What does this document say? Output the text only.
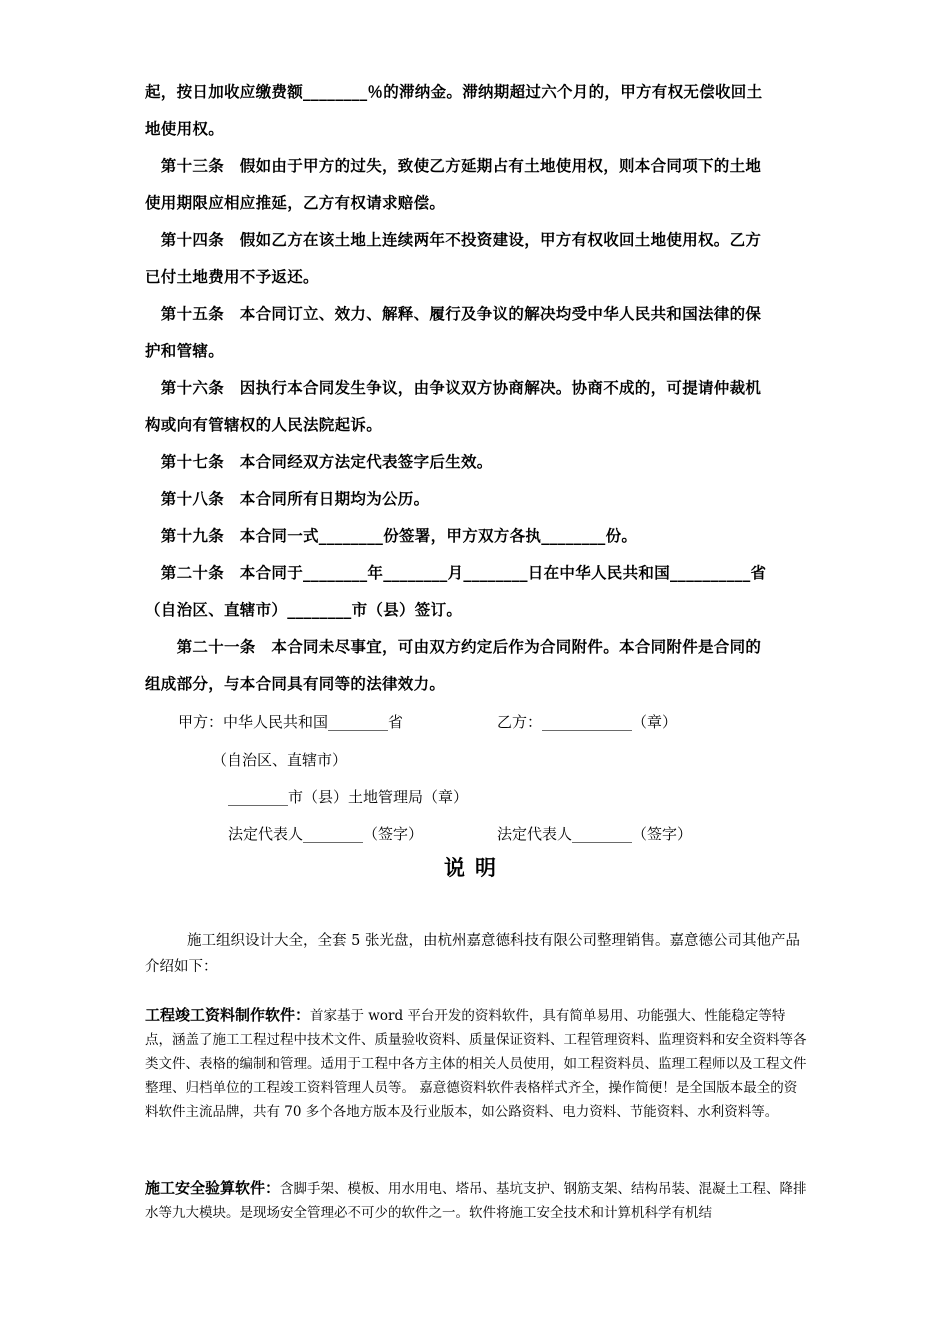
起，按日加收应缴费额________％的滞纳金。滞纳期超过六个月的，甲方有权无偿收回土
地使用权。
　第十三条　假如由于甲方的过失，致使乙方延期占有土地使用权，则本合同项下的土地
使用期限应相应推延，乙方有权请求赔偿。
　第十四条　假如乙方在该土地上连续两年不投资建设，甲方有权收回土地使用权。乙方
已付土地费用不予返还。
　第十五条　本合同订立、效力、解释、履行及争议的解决均受中华人民共和国法律的保
护和管辖。
　第十六条　因执行本合同发生争议，由争议双方协商解决。协商不成的，可提请仲裁机
构或向有管辖权的人民法院起诉。
　第十七条　本合同经双方法定代表签字后生效。
　第十八条　本合同所有日期均为公历。
　第十九条　本合同一式________份签署，甲方双方各执________份。
　第二十条　本合同于________年________月________日在中华人民共和国__________省
（自治区、直辖市）________市（县）签订。
　　第二十一条　本合同未尽事宜，可由双方约定后作为合同附件。本合同附件是合同的
组成部分，与本合同具有同等的法律效力。
甲方：中华人民共和国________省	乙方：____________（章）
（自治区、直辖市）
________市（县）土地管理局（章）
法定代表人________（签字）	法定代表人________（签字）
说明
施工组织设计大全，全套 5 张光盘，由杭州嘉意德科技有限公司整理销售。嘉意德公司其他产品介绍如下：
工程竣工资料制作软件：首家基于 word 平台开发的资料软件，具有简单易用、功能强大、性能稳定等特点，涵盖了施工工程过程中技术文件、质量验收资料、质量保证资料、工程管理资料、监理资料和安全资料等各类文件、表格的编制和管理。适用于工程中各方主体的相关人员使用，如工程资料员、监理工程师以及工程文件整理、归档单位的工程竣工资料管理人员等。 嘉意德资料软件表格样式齐全，操作简便！是全国版本最全的资料软件主流品牌，共有 70 多个各地方版本及行业版本，如公路资料、电力资料、节能资料、水利资料等。
施工安全验算软件：含脚手架、模板、用水用电、塔吊、基坑支护、钢筋支架、结构吊装、混凝土工程、降排水等九大模块。是现场安全管理必不可少的软件之一。软件将施工安全技术和计算机科学有机结
